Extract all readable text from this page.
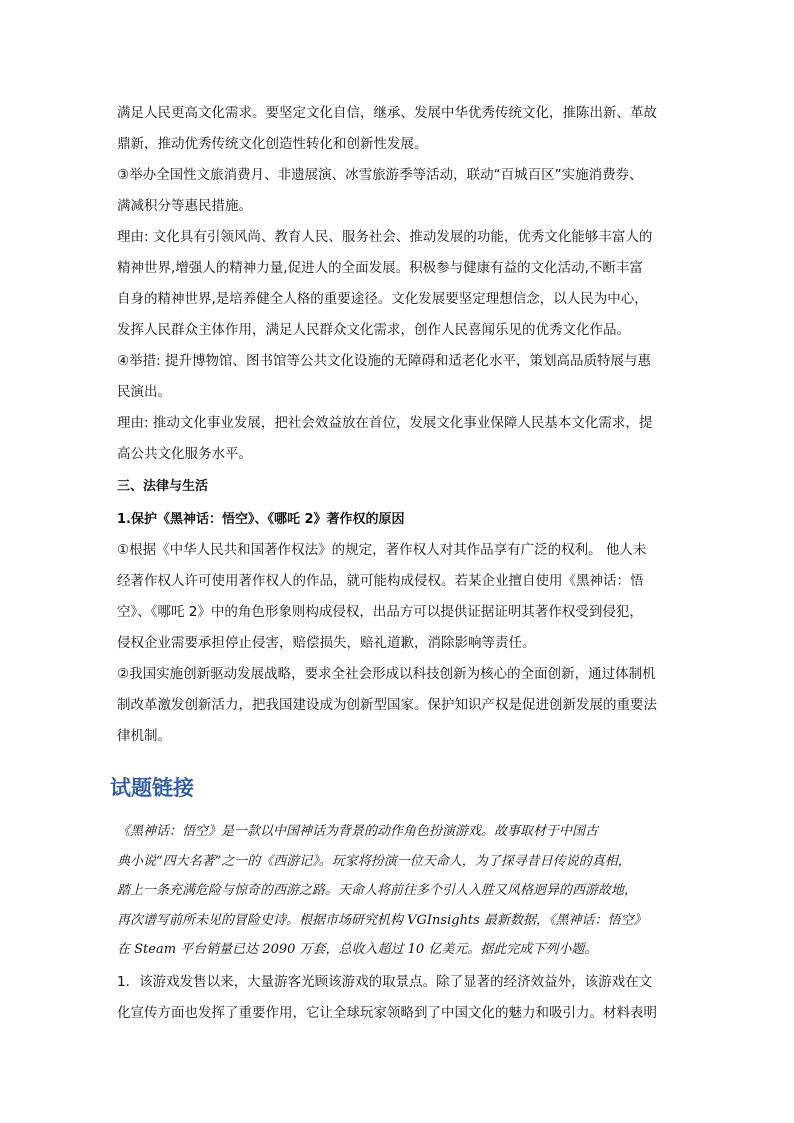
满足人民更高文化需求。要坚定文化自信，继承、发展中华优秀传统文化，推陈出新、革故

鼎新，推动优秀传统文化创造性转化和创新性发展。

③举办全国性文旅消费月、非遗展演、冰雪旅游季等活动，联动“百城百区”实施消费券、

满减积分等惠民措施。

理由: 文化具有引领风尚、教育人民、服务社会、推动发展的功能，优秀文化能够丰富人的

精神世界,增强人的精神力量,促进人的全面发展。积极参与健康有益的文化活动,不断丰富

自身的精神世界,是培养健全人格的重要途径。文化发展要坚定理想信念，以人民为中心，

发挥人民群众主体作用，满足人民群众文化需求，创作人民喜闻乐见的优秀文化作品。

④举措: 提升博物馆、图书馆等公共文化设施的无障碍和适老化水平，策划高品质特展与惠

民演出。

理由: 推动文化事业发展，把社会效益放在首位，发展文化事业保障人民基本文化需求，提

高公共文化服务水平。

三、法律与生活

1.保护《黑神话：悟空》、《哪吒 2》著作权的原因

①根据《中华人民共和国著作权法》的规定，著作权人对其作品享有广泛的权利。 他人未

经著作权人许可使用著作权人的作品，就可能构成侵权。若某企业擅自使用《黑神话：悟

空》、《哪吒 2》中的角色形象则构成侵权，出品方可以提供证据证明其著作权受到侵犯，

侵权企业需要承担停止侵害，赔偿损失，赔礼道歉，消除影响等责任。

②我国实施创新驱动发展战略，要求全社会形成以科技创新为核心的全面创新，通过体制机

制改革激发创新活力，把我国建设成为创新型国家。保护知识产权是促进创新发展的重要法

律机制。

试题链接

《黑神话：悟空》是一款以中国神话为背景的动作角色扮演游戏。故事取材于中国古

典小说“四大名著”之一的《西游记》。玩家将扮演一位天命人，为了探寻昔日传说的真相，

踏上一条充满危险与惊奇的西游之路。天命人将前往多个引人入胜又风格迥异的西游故地，

再次谱写前所未见的冒险史诗。根据市场研究机构 VGInsights 最新数据，《黑神话：悟空》

在 Steam 平台销量已达 2090 万套，总收入超过 10 亿美元。据此完成下列小题。

1．该游戏发售以来，大量游客光顾该游戏的取景点。除了显著的经济效益外，该游戏在文

化宣传方面也发挥了重要作用，它让全球玩家领略到了中国文化的魅力和吸引力。材料表明
